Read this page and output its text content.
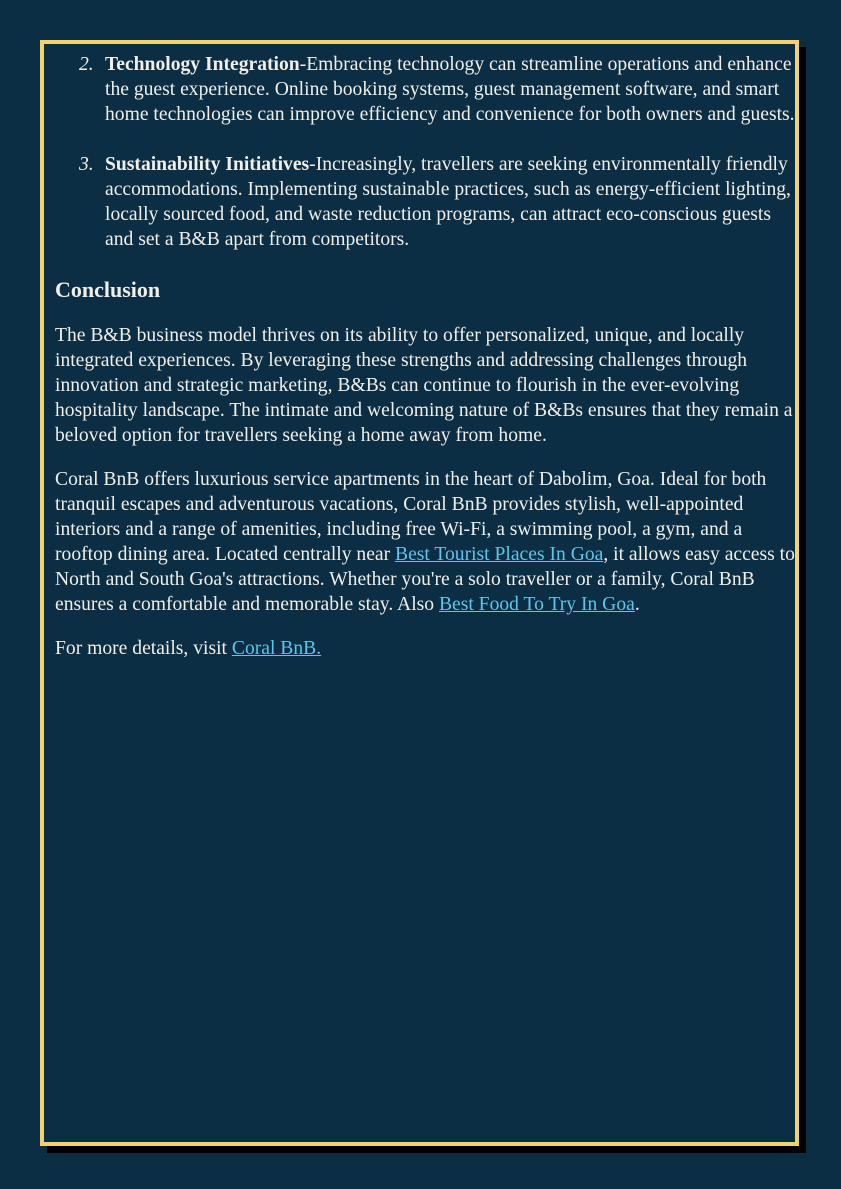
2. Technology Integration-Embracing technology can streamline operations and enhance the guest experience. Online booking systems, guest management software, and smart home technologies can improve efficiency and convenience for both owners and guests.
3. Sustainability Initiatives-Increasingly, travellers are seeking environmentally friendly accommodations. Implementing sustainable practices, such as energy-efficient lighting, locally sourced food, and waste reduction programs, can attract eco-conscious guests and set a B&B apart from competitors.
Conclusion

The B&B business model thrives on its ability to offer personalized, unique, and locally integrated experiences. By leveraging these strengths and addressing challenges through innovation and strategic marketing, B&Bs can continue to flourish in the ever-evolving hospitality landscape. The intimate and welcoming nature of B&Bs ensures that they remain a beloved option for travellers seeking a home away from home.

Coral BnB offers luxurious service apartments in the heart of Dabolim, Goa. Ideal for both tranquil escapes and adventurous vacations, Coral BnB provides stylish, well-appointed interiors and a range of amenities, including free Wi-Fi, a swimming pool, a gym, and a rooftop dining area. Located centrally near Best Tourist Places In Goa, it allows easy access to North and South Goa's attractions. Whether you're a solo traveller or a family, Coral BnB ensures a comfortable and memorable stay. Also Best Food To Try In Goa.

For more details, visit Coral BnB.
